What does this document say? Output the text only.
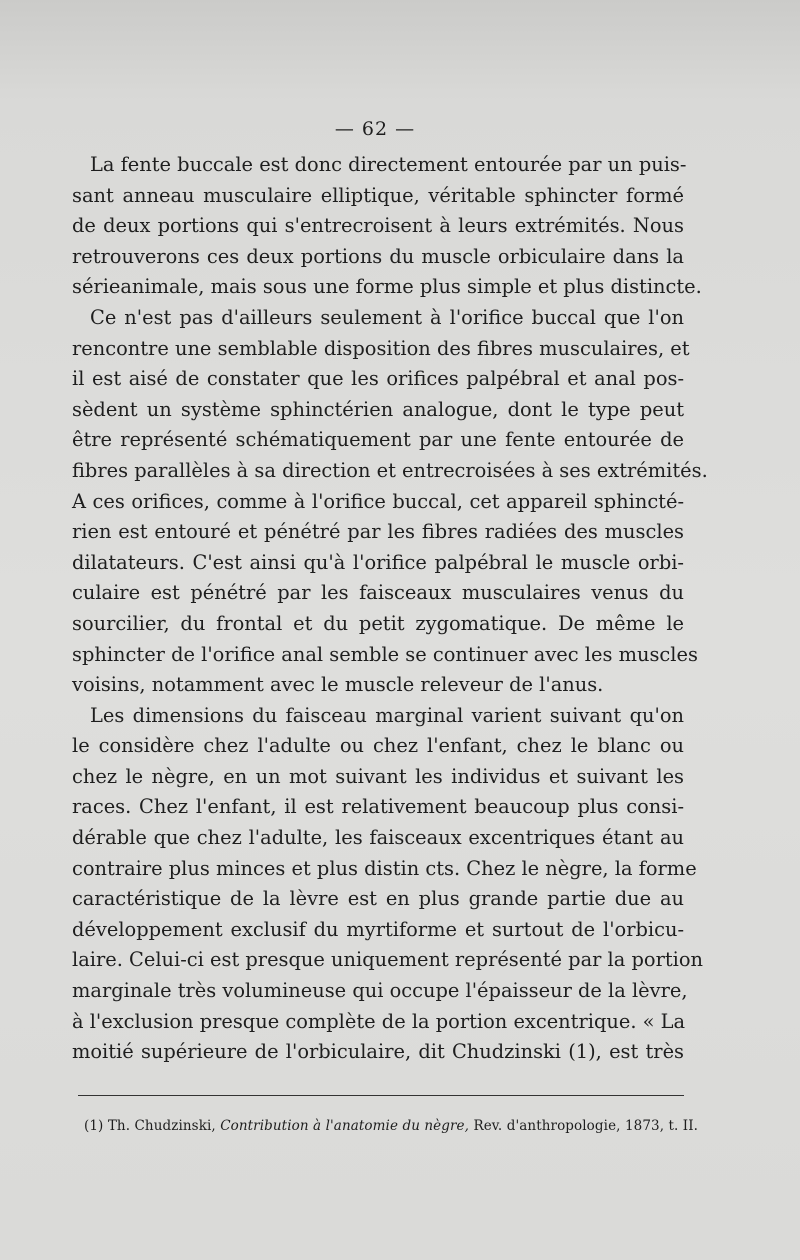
— 62 —
La fente buccale est donc directement entourée par un puis-
sant anneau musculaire elliptique, véritable sphincter formé
de deux portions qui s'entrecroisent à leurs extrémités. Nous
retrouverons ces deux portions du muscle orbiculaire dans la
sérieanimale, mais sous une forme plus simple et plus distincte.
Ce n'est pas d'ailleurs seulement à l'orifice buccal que l'on
rencontre une semblable disposition des fibres musculaires, et
il est aisé de constater que les orifices palpébral et anal pos-
sèdent un système sphinctérien analogue, dont le type peut
être représenté schématiquement par une fente entourée de
fibres parallèles à sa direction et entrecroisées à ses extrémités.
A ces orifices, comme à l'orifice buccal, cet appareil sphincté-
rien est entouré et pénétré par les fibres radiées des muscles
dilatateurs. C'est ainsi qu'à l'orifice palpébral le muscle orbi-
culaire est pénétré par les faisceaux musculaires venus du
sourcilier, du frontal et du petit zygomatique. De même le
sphincter de l'orifice anal semble se continuer avec les muscles
voisins, notamment avec le muscle releveur de l'anus.
Les dimensions du faisceau marginal varient suivant qu'on
le considère chez l'adulte ou chez l'enfant, chez le blanc ou
chez le nègre, en un mot suivant les individus et suivant les
races. Chez l'enfant, il est relativement beaucoup plus consi-
dérable que chez l'adulte, les faisceaux excentriques étant au
contraire plus minces et plus distin cts. Chez le nègre, la forme
caractéristique de la lèvre est en plus grande partie due au
développement exclusif du myrtiforme et surtout de l'orbicu-
laire. Celui-ci est presque uniquement représenté par la portion
marginale très volumineuse qui occupe l'épaisseur de la lèvre,
à l'exclusion presque complète de la portion excentrique. « La
moitié supérieure de l'orbiculaire, dit Chudzinski (1), est très
(1) Th. Chudzinski, Contribution à l'anatomie du nègre, Rev. d'anthropologie, 1873, t. II.
